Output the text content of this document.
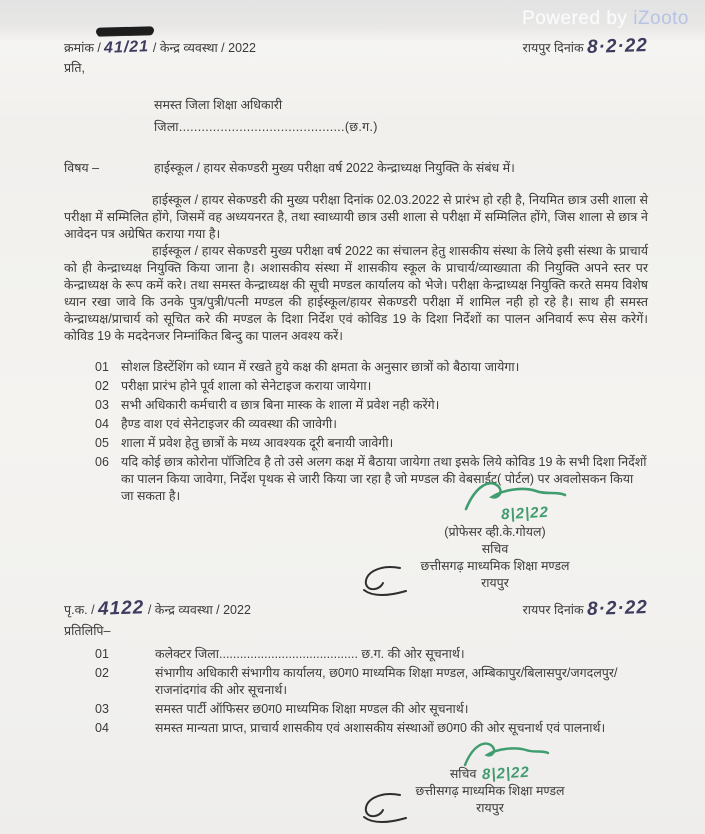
Powered by iZooto
क्रमांक / 41/21 / केन्द्र व्यवस्था / 2022	रायपुर दिनांक 8·2·22
प्रति,
समस्त जिला शिक्षा अधिकारी
जिला............................................(छ.ग.)
विषय –	हाईस्कूल / हायर सेकण्डरी मुख्य परीक्षा वर्ष 2022 केन्द्राध्यक्ष नियुक्ति के संबंध में।

हाईस्कूल / हायर सेकण्डरी की मुख्य परीक्षा दिनांक 02.03.2022 से प्रारंभ हो रही है, नियमित छात्र उसी शाला से परीक्षा में सम्मिलित होंगे, जिसमें वह अध्ययनरत है, तथा स्वाध्यायी छात्र उसी शाला से परीक्षा में सम्मिलित होंगे, जिस शाला से छात्र ने आवेदन पत्र अग्रेषित कराया गया है।

हाईस्कूल / हायर सेकण्डरी मुख्य परीक्षा वर्ष 2022 का संचालन हेतु शासकीय संस्था के लिये इसी संस्था के प्राचार्य को ही केन्द्राध्यक्ष नियुक्ति किया जाना है। अशासकीय संस्था में शासकीय स्कूल के प्राचार्य/व्याख्याता की नियुक्ति अपने स्तर पर केन्द्राध्यक्ष के रूप कमें करे। तथा समस्त केन्द्राध्यक्ष की सूची मण्डल कार्यालय को भेजे। परीक्षा केन्द्राध्यक्ष नियुक्ति करते समय विशेष ध्यान रखा जावे कि उनके पुत्र/पुत्री/पत्नी मण्डल की हाईस्कूल/हायर सेकण्डरी परीक्षा में शामिल नही हो रहे है। साथ ही समस्त केन्द्राध्यक्ष/प्राचार्य को सूचित करे की मण्डल के दिशा निर्देश एवं कोविड 19 के दिशा निर्देशों का पालन अनिवार्य रूप सेस करेगें। कोविड 19 के मददेनजर निम्नांकित बिन्दु का पालन अवश्य करें।

01 सोशल डिस्टेंशिंग को ध्यान में रखते हुये कक्ष की क्षमता के अनुसार छात्रों को बैठाया जायेगा।
02 परीक्षा प्रारंभ होने पूर्व शाला को सेनेटाइज कराया जायेगा।
03 सभी अधिकारी कर्मचारी व छात्र बिना मास्क के शाला में प्रवेश नही करेंगे।
04 हैण्ड वाश एवं सेनेटाइजर की व्यवस्था की जावेगी।
05 शाला में प्रवेश हेतु छात्रों के मध्य आवश्यक दूरी बनायी जावेगी।
06 यदि कोई छात्र कोरोना पॉजिटिव है तो उसे अलग कक्ष में बैठाया जायेगा तथा इसके लिये कोविड 19 के सभी दिशा निर्देशों का पालन किया जावेगा, निर्देश पृथक से जारी किया जा रहा है जो मण्डल की वेबसाईट( पोर्टल) पर अवलोसकन किया जा सकता है।
8|2|22
(प्रोफेसर व्ही.के.गोयल)
सचिव
छत्तीसगढ़ माध्यमिक शिक्षा मण्डल
रायपुर
पृ.क. / 4122 / केन्द्र व्यवस्था / 2022	रायपर दिनांक 8·2·22
प्रतिलिपि–
01	कलेक्टर जिला........................................ छ.ग. की ओर सूचनार्थ।
02	संभागीय अधिकारी संभागीय कार्यालय, छ0ग0 माध्यमिक शिक्षा मण्डल, अम्बिकापुर/बिलासपुर/जगदलपुर/राजनांदगांव की ओर सूचनार्थ।
03	समस्त पार्टी ऑफिसर छ0ग0 माध्यमिक शिक्षा मण्डल की ओर सूचनार्थ।
04	समस्त मान्यता प्राप्त, प्राचार्य शासकीय एवं अशासकीय संस्थाओं छ0ग0 की ओर सूचनार्थ एवं पालनार्थ।
सचिव 8|2|22
छत्तीसगढ़ माध्यमिक शिक्षा मण्डल
रायपुर
